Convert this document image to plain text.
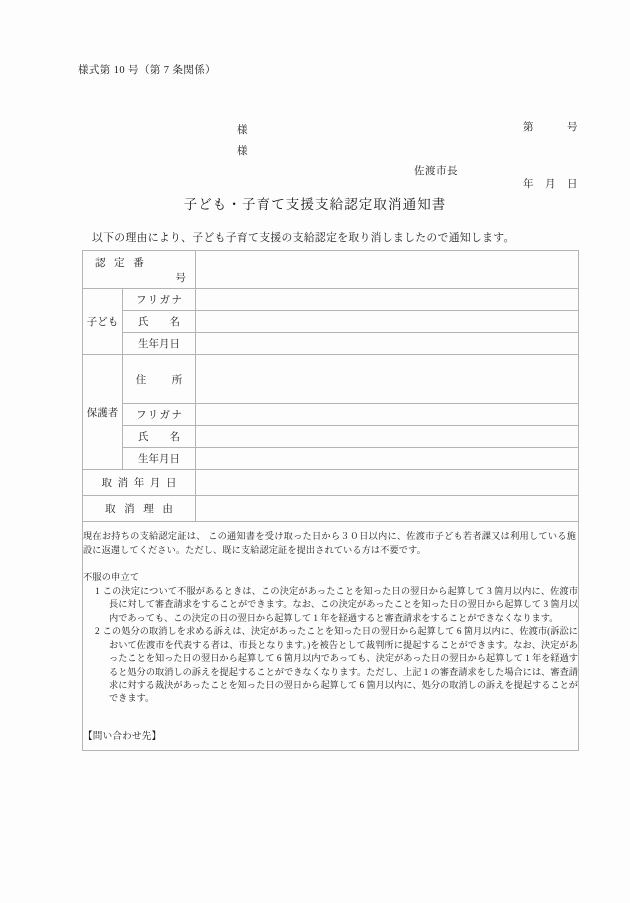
様式第 10 号（第 7 条関係）

第　　　号

年　月　日

様
様
佐渡市長
子ども・子育て支援支給認定取消通知書
以下の理由により、子ども子育て支援の支給認定を取り消しましたので通知します。
認 定 番
号		

子ども	フリガナ	
	氏　　名	
	生年月日	
保護者	住　　所	
	フリガナ	
	氏　　名	
	生年月日	
取 消 年 月 日		
取 消 理 由		

現在お持ちの支給認定証は、 この通知書を受け取った日から３０日以内に、佐渡市子ども若者課又は利用している施設に返還してください。ただし、既に支給認定証を提出されている方は不要です。

不服の申立て
1 この決定について不服があるときは、この決定があったことを知った日の翌日から起算して 3 箇月以内に、佐渡市長に対して審査請求をすることができます。なお、この決定があったことを知った日の翌日から起算して 3 箇月以内であっても、この決定の日の翌日から起算して 1 年を経過すると審査請求をすることができなくなります。
2 この処分の取消しを求める訴えは、決定があったことを知った日の翌日から起算して 6 箇月以内に、佐渡市(訴訟において佐渡市を代表する者は、市長となります。)を被告として裁判所に提起することができます。なお、決定があったことを知った日の翌日から起算して 6 箇月以内であっても、決定があった日の翌日から起算して 1 年を経過すると処分の取消しの訴えを提起することができなくなります。ただし、上記 1 の審査請求をした場合には、審査請求に対する裁決があったことを知った日の翌日から起算して 6 箇月以内に、処分の取消しの訴えを提起することができます。
【問い合わせ先】
